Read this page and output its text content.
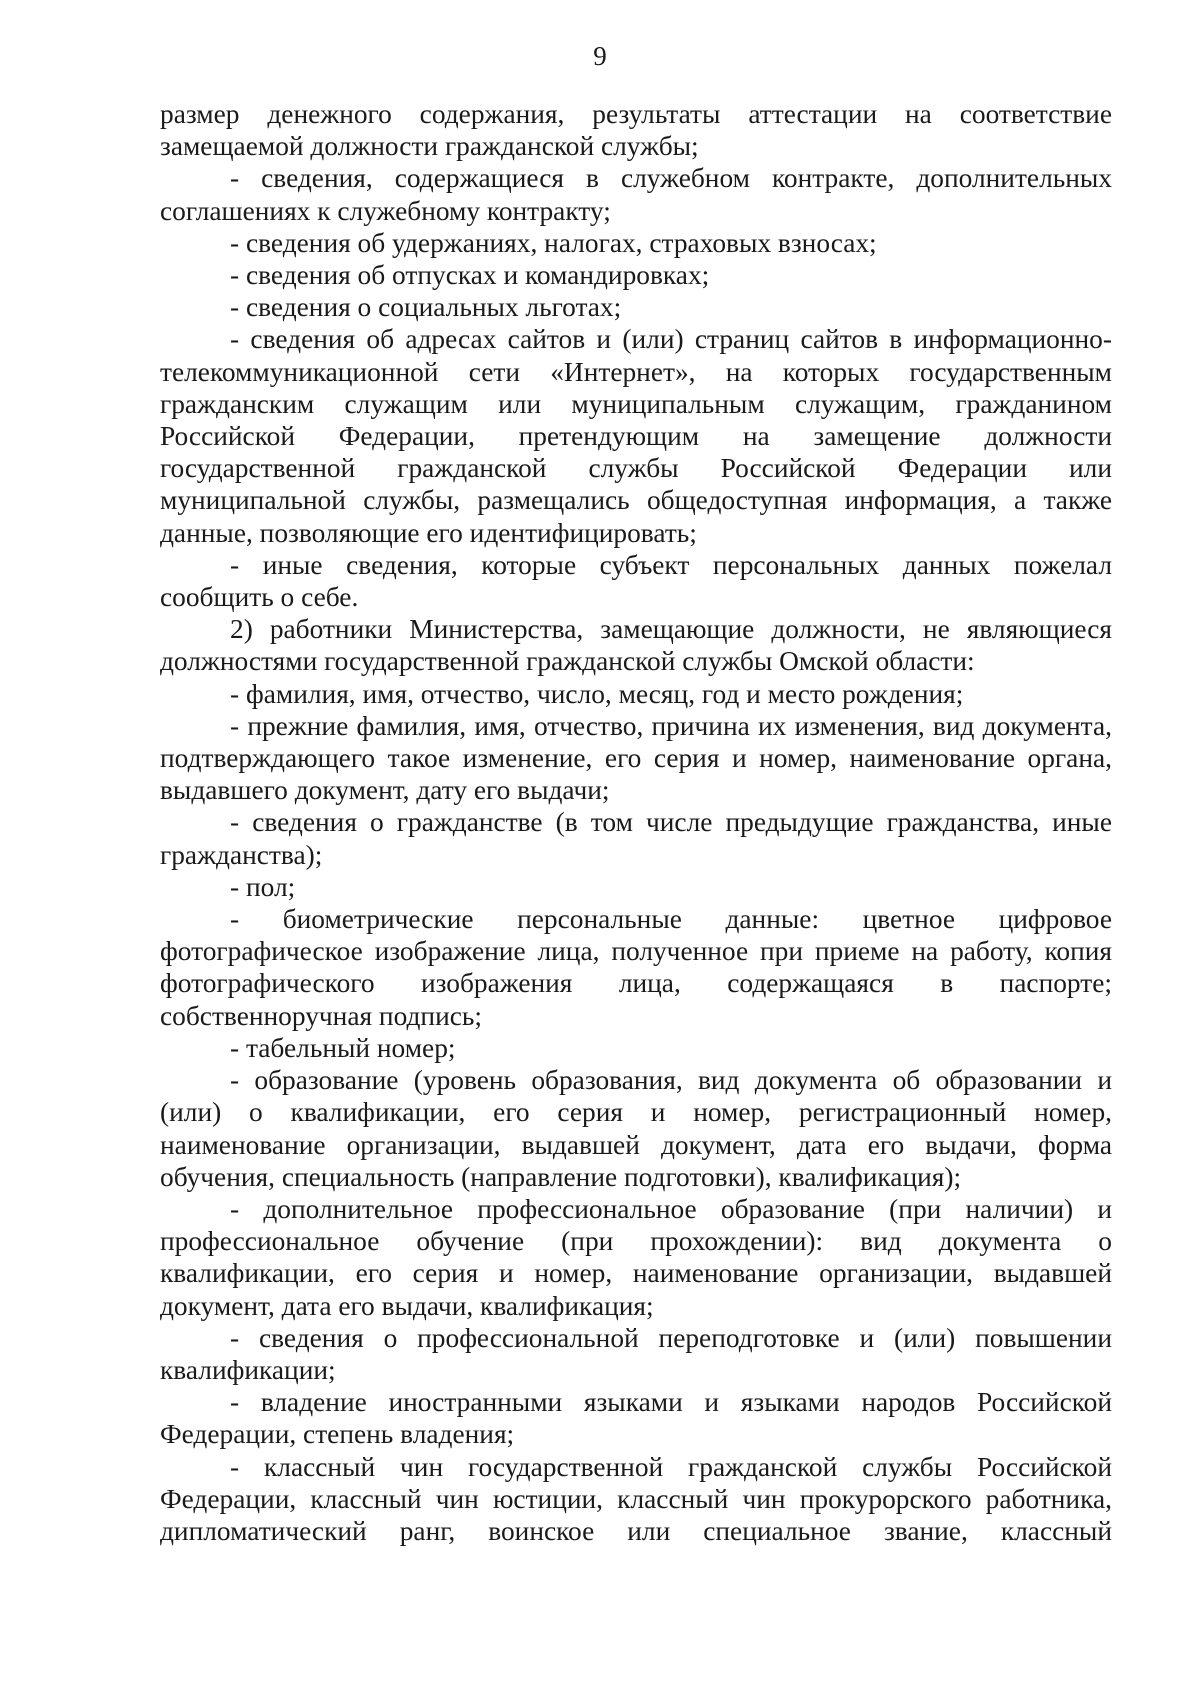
9

размер денежного содержания, результаты аттестации на соответствие замещаемой должности гражданской службы;

- сведения, содержащиеся в служебном контракте, дополнительных соглашениях к служебному контракту;

- сведения об удержаниях, налогах, страховых взносах;

- сведения об отпусках и командировках;

- сведения о социальных льготах;

- сведения об адресах сайтов и (или) страниц сайтов в информационно-телекоммуникационной сети «Интернет», на которых государственным гражданским служащим или муниципальным служащим, гражданином Российской Федерации, претендующим на замещение должности государственной гражданской службы Российской Федерации или муниципальной службы, размещались общедоступная информация, а также данные, позволяющие его идентифицировать;

- иные сведения, которые субъект персональных данных пожелал сообщить о себе.

2) работники Министерства, замещающие должности, не являющиеся должностями государственной гражданской службы Омской области:

- фамилия, имя, отчество, число, месяц, год и место рождения;

- прежние фамилия, имя, отчество, причина их изменения, вид документа, подтверждающего такое изменение, его серия и номер, наименование органа, выдавшего документ, дату его выдачи;

- сведения о гражданстве (в том числе предыдущие гражданства, иные гражданства);

- пол;

- биометрические персональные данные: цветное цифровое фотографическое изображение лица, полученное при приеме на работу, копия фотографического изображения лица, содержащаяся в паспорте; собственноручная подпись;

- табельный номер;

- образование (уровень образования, вид документа об образовании и (или) о квалификации, его серия и номер, регистрационный номер, наименование организации, выдавшей документ, дата его выдачи, форма обучения, специальность (направление подготовки), квалификация);

- дополнительное профессиональное образование (при наличии) и профессиональное обучение (при прохождении): вид документа о квалификации, его серия и номер, наименование организации, выдавшей документ, дата его выдачи, квалификация;

- сведения о профессиональной переподготовке и (или) повышении квалификации;

- владение иностранными языками и языками народов Российской Федерации, степень владения;

- классный чин государственной гражданской службы Российской Федерации, классный чин юстиции, классный чин прокурорского работника, дипломатический ранг, воинское или специальное звание, классный
